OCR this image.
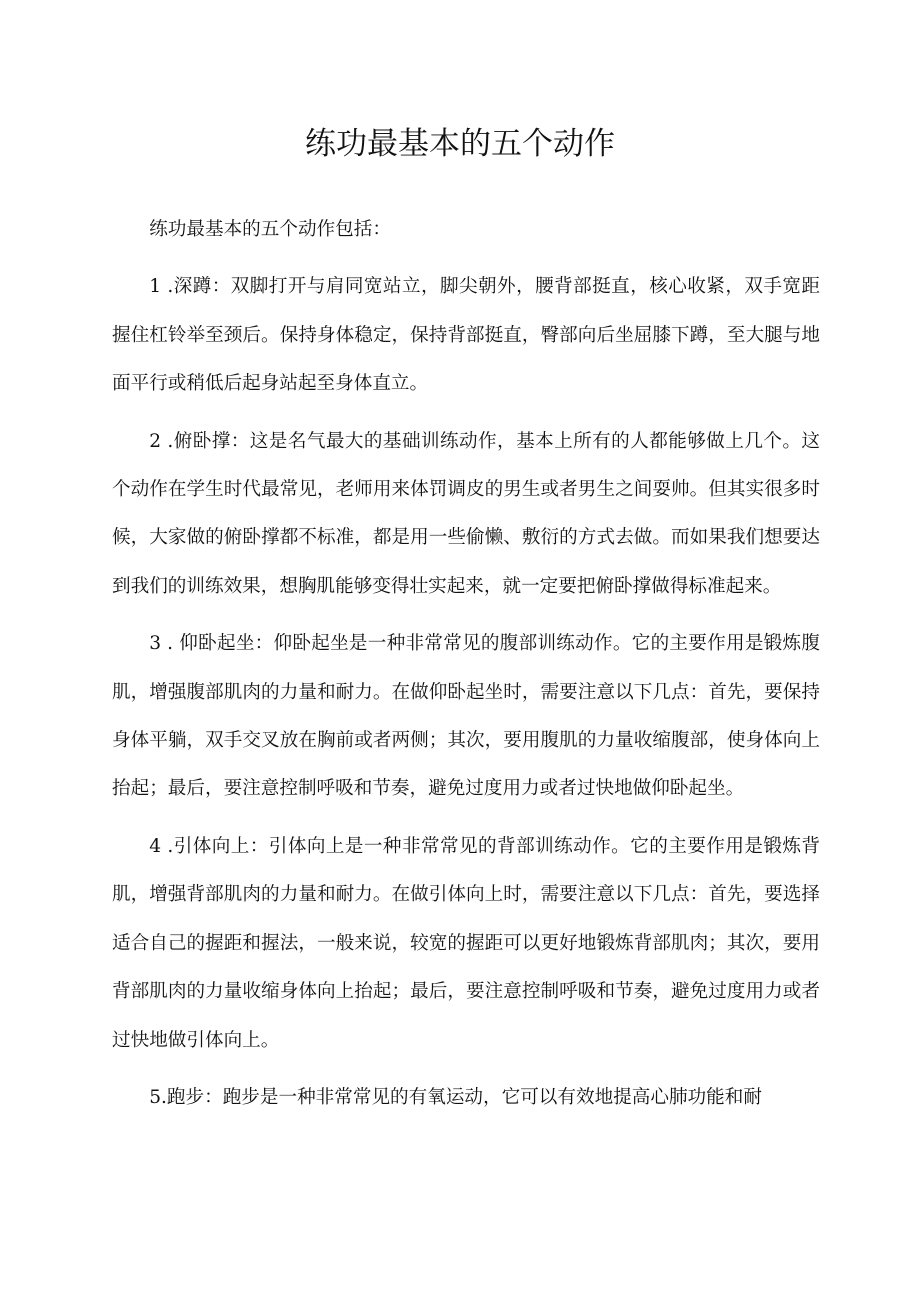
练功最基本的五个动作

练功最基本的五个动作包括：

1 .深蹲：双脚打开与肩同宽站立，脚尖朝外，腰背部挺直，核心收紧，双手宽距握住杠铃举至颈后。保持身体稳定，保持背部挺直，臀部向后坐屈膝下蹲，至大腿与地面平行或稍低后起身站起至身体直立。

2 .俯卧撑：这是名气最大的基础训练动作，基本上所有的人都能够做上几个。这个动作在学生时代最常见，老师用来体罚调皮的男生或者男生之间耍帅。但其实很多时候，大家做的俯卧撑都不标准，都是用一些偷懒、敷衍的方式去做。而如果我们想要达到我们的训练效果，想胸肌能够变得壮实起来，就一定要把俯卧撑做得标准起来。

3 . 仰卧起坐：仰卧起坐是一种非常常见的腹部训练动作。它的主要作用是锻炼腹肌，增强腹部肌肉的力量和耐力。在做仰卧起坐时，需要注意以下几点：首先，要保持身体平躺，双手交叉放在胸前或者两侧；其次，要用腹肌的力量收缩腹部，使身体向上抬起；最后，要注意控制呼吸和节奏，避免过度用力或者过快地做仰卧起坐。

4 .引体向上：引体向上是一种非常常见的背部训练动作。它的主要作用是锻炼背肌，增强背部肌肉的力量和耐力。在做引体向上时，需要注意以下几点：首先，要选择适合自己的握距和握法，一般来说，较宽的握距可以更好地锻炼背部肌肉；其次，要用背部肌肉的力量收缩身体向上抬起；最后，要注意控制呼吸和节奏，避免过度用力或者过快地做引体向上。

5.跑步：跑步是一种非常常见的有氧运动，它可以有效地提高心肺功能和耐
